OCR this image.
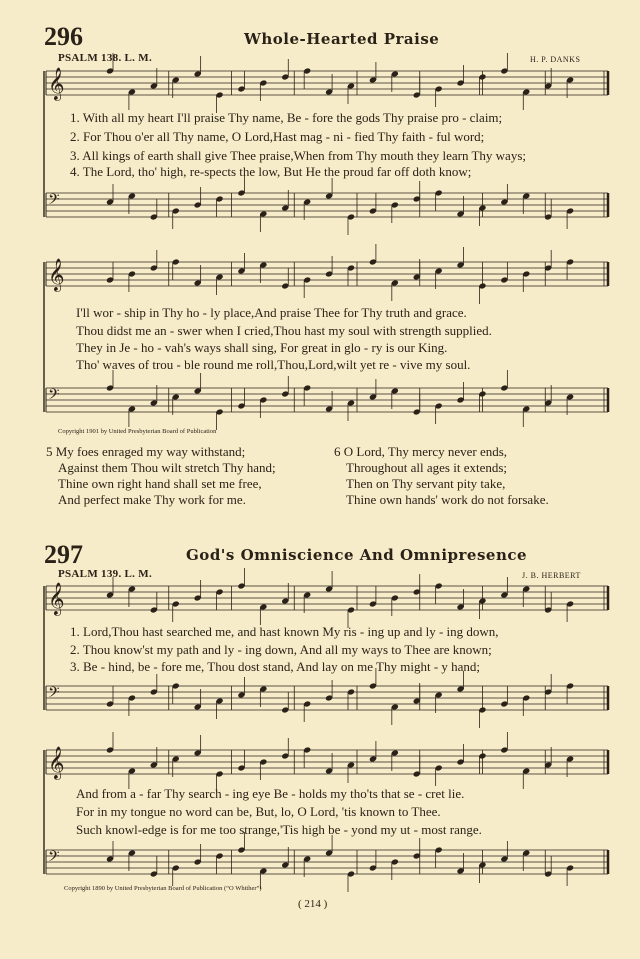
296	Whole-Hearted Praise
PSALM 138. L. M.	H. P. DANKS
𝄞
𝄢
𝄞
𝄢
𝄞
𝄢
𝄞
𝄢
1. With all my heart I'll praise Thy name, Be - fore the gods Thy praise pro - claim;
2. For Thou o'er all Thy name, O Lord,Hast mag - ni - fied Thy faith - ful word;
3. All kings of earth shall give Thee praise,When from Thy mouth they learn Thy ways;
4. The Lord, tho' high, re-spects the low, But He the proud far off doth know;
I'll wor - ship in Thy ho - ly place,And praise Thee for Thy truth and grace.
Thou didst me an - swer when I cried,Thou hast my soul with strength supplied.
They in Je - ho - vah's ways shall sing, For great in glo - ry is our King.
Tho' waves of trou - ble round me roll,Thou,Lord,wilt yet re - vive my soul.
Copyright 1901 by United Presbyterian Board of Publication
5 My foes enraged my way withstand;
Against them Thou wilt stretch Thy hand;
Thine own right hand shall set me free,
And perfect make Thy work for me.
6 O Lord, Thy mercy never ends,
Throughout all ages it extends;
Then on Thy servant pity take,
Thine own hands' work do not forsake.
297	God's Omniscience And Omnipresence
PSALM 139. L. M.	J. B. HERBERT
1. Lord,Thou hast searched me, and hast known My ris - ing up and ly - ing down,
2. Thou know'st my path and ly - ing down, And all my ways to Thee are known;
3. Be - hind, be - fore me, Thou dost stand, And lay on me Thy might - y hand;
And from a - far Thy search - ing eye Be - holds my tho'ts that se - cret lie.
For in my tongue no word can be, But, lo, O Lord, 'tis known to Thee.
Such knowl-edge is for me too strange,'Tis high be - yond my ut - most range.
Copyright 1890 by United Presbyterian Board of Publication (“O Whither”)
( 214 )
